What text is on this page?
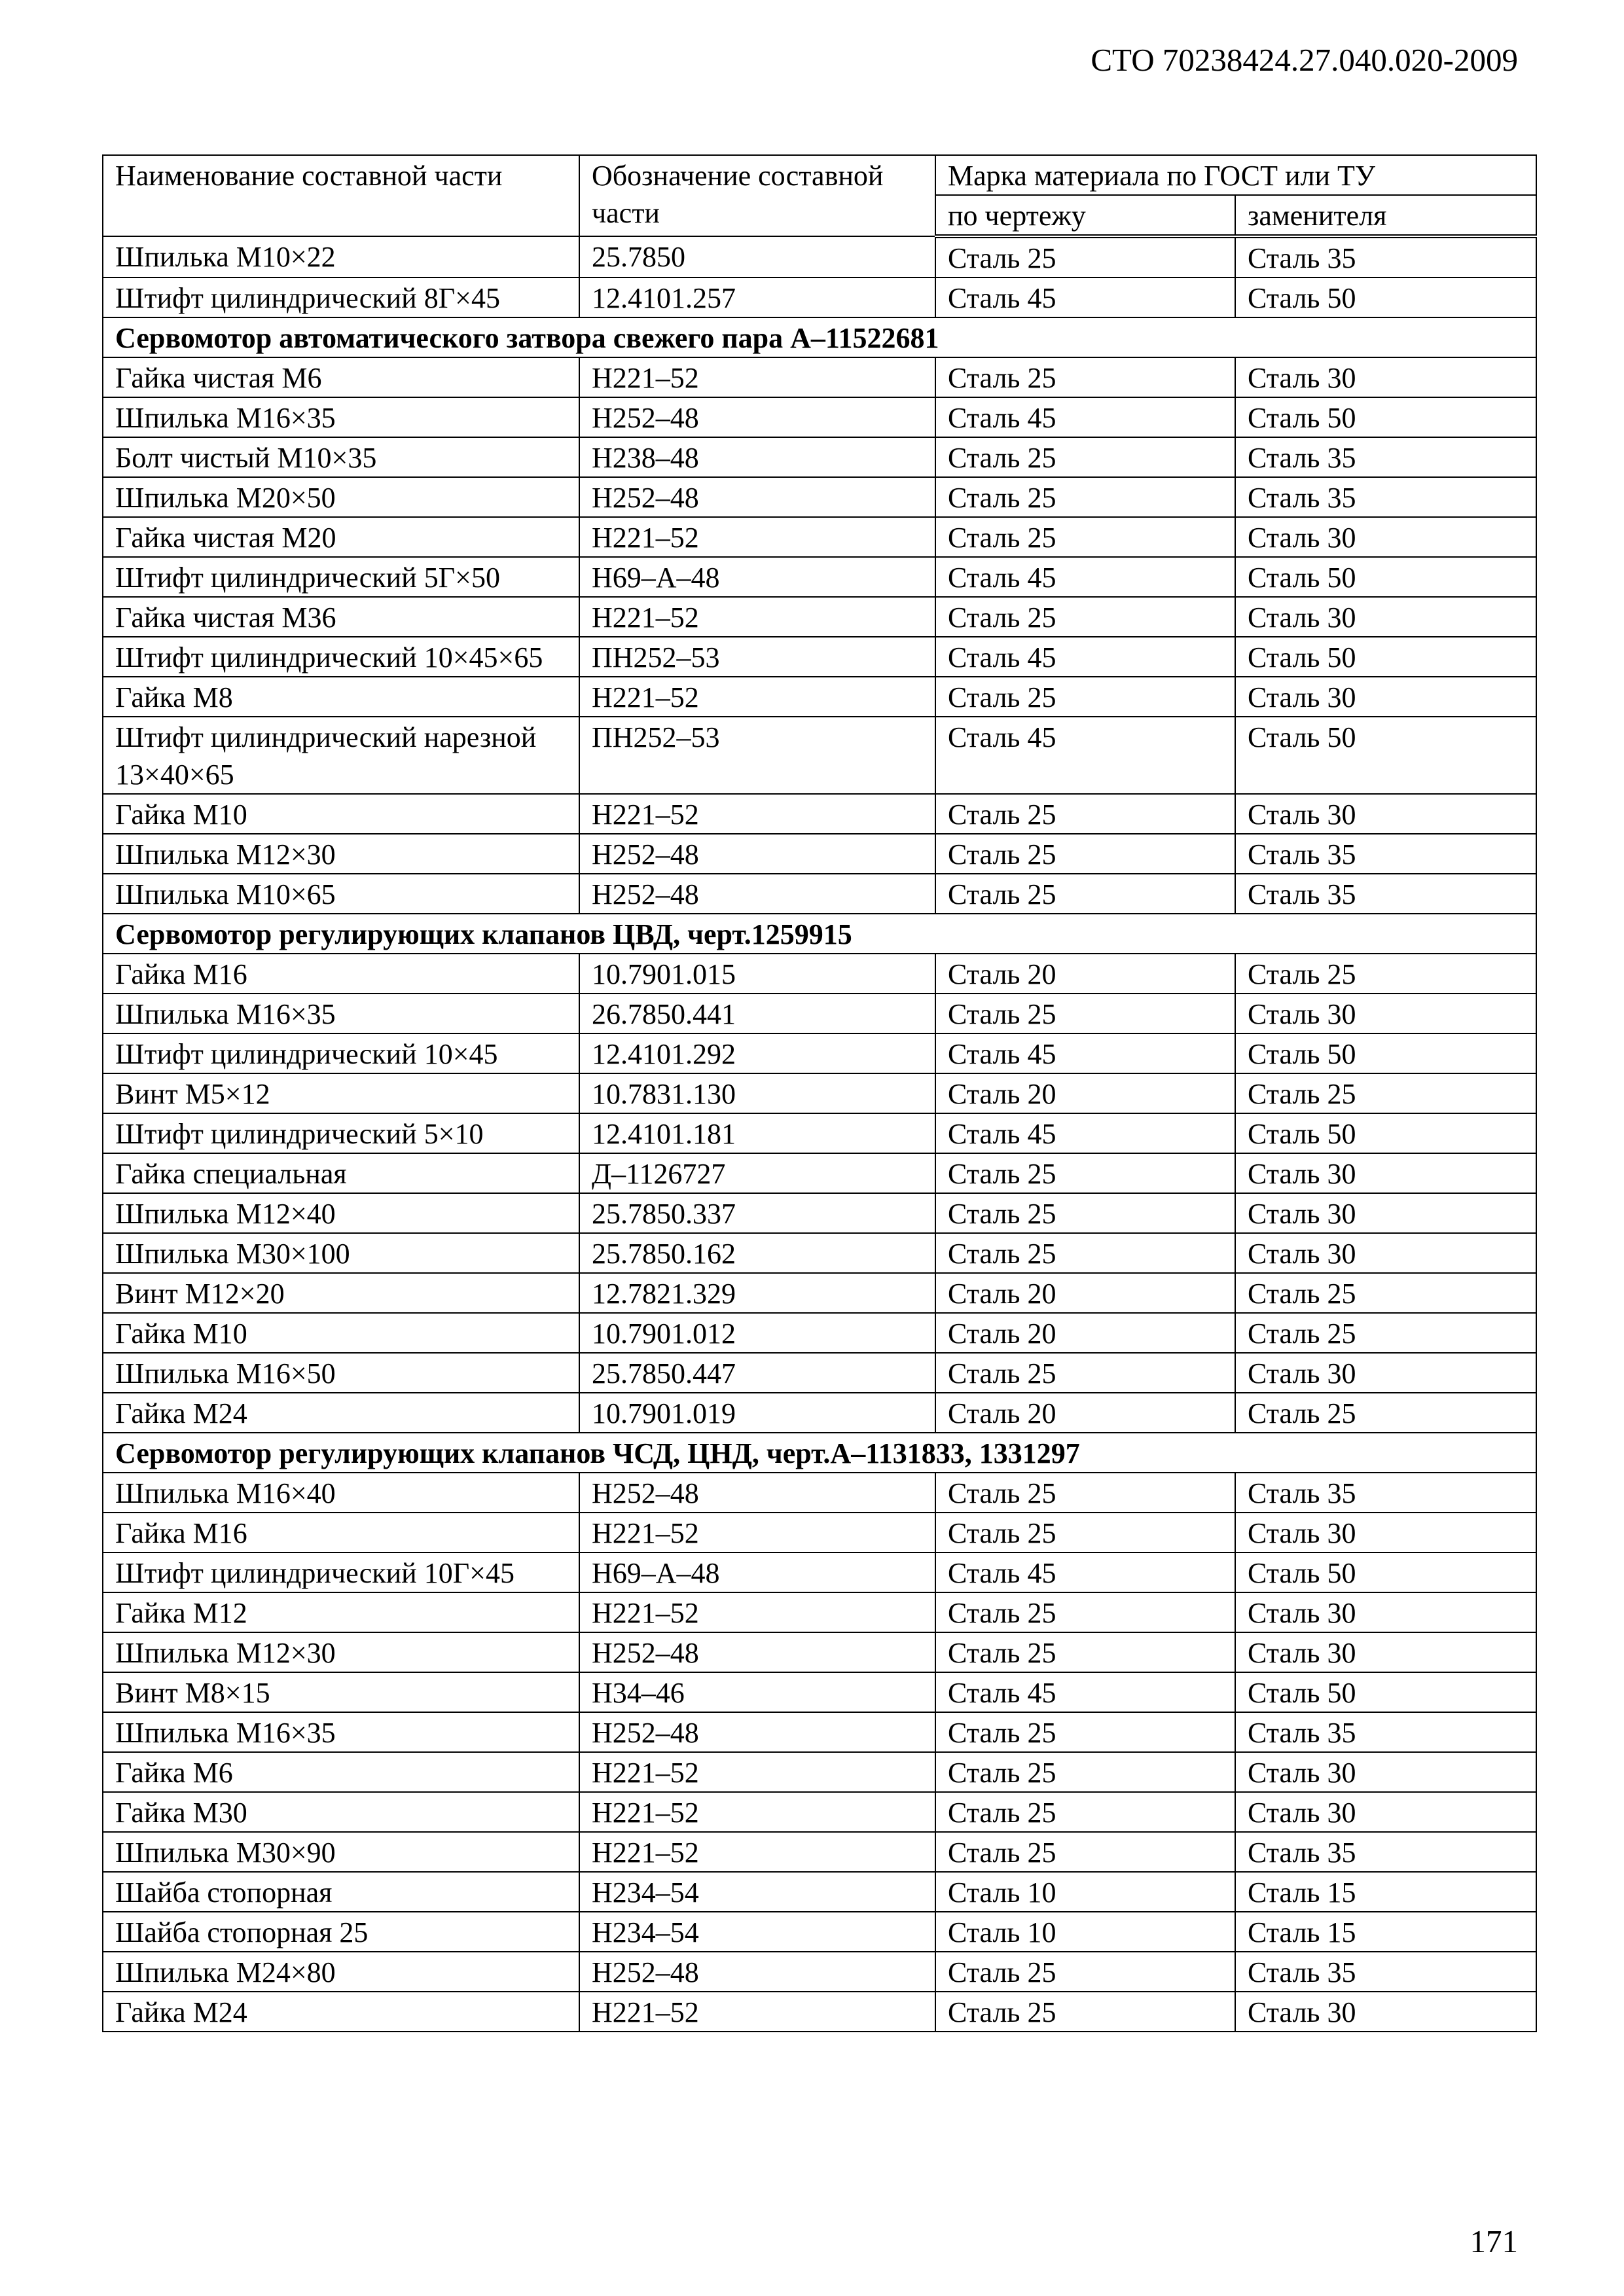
СТО 70238424.27.040.020-2009
Наименование составной части	Обозначение составной части	Марка материала по ГОСТ или ТУ	
		по чертежу	заменителя
Шпилька М10×22	25.7850	Сталь 25	Сталь 35
Штифт цилиндрический 8Г×45	12.4101.257	Сталь 45	Сталь 50
Сервомотор автоматического затвора свежего пара А–11522681			
Гайка чистая М6	Н221–52	Сталь 25	Сталь 30
Шпилька М16×35	Н252–48	Сталь 45	Сталь 50
Болт чистый М10×35	Н238–48	Сталь 25	Сталь 35
Шпилька М20×50	Н252–48	Сталь 25	Сталь 35
Гайка чистая М20	Н221–52	Сталь 25	Сталь 30
Штифт цилиндрический 5Г×50	Н69–А–48	Сталь 45	Сталь 50
Гайка чистая М36	Н221–52	Сталь 25	Сталь 30
Штифт цилиндрический 10×45×65	ПН252–53	Сталь 45	Сталь 50
Гайка М8	Н221–52	Сталь 25	Сталь 30
Штифт цилиндрический нарезной 13×40×65	ПН252–53	Сталь 45	Сталь 50
Гайка М10	Н221–52	Сталь 25	Сталь 30
Шпилька М12×30	Н252–48	Сталь 25	Сталь 35
Шпилька М10×65	Н252–48	Сталь 25	Сталь 35
Сервомотор регулирующих клапанов ЦВД, черт.1259915			
Гайка М16	10.7901.015	Сталь 20	Сталь 25
Шпилька М16×35	26.7850.441	Сталь 25	Сталь 30
Штифт цилиндрический 10×45	12.4101.292	Сталь 45	Сталь 50
Винт М5×12	10.7831.130	Сталь 20	Сталь 25
Штифт цилиндрический 5×10	12.4101.181	Сталь 45	Сталь 50
Гайка специальная	Д–1126727	Сталь 25	Сталь 30
Шпилька М12×40	25.7850.337	Сталь 25	Сталь 30
Шпилька М30×100	25.7850.162	Сталь 25	Сталь 30
Винт М12×20	12.7821.329	Сталь 20	Сталь 25
Гайка М10	10.7901.012	Сталь 20	Сталь 25
Шпилька М16×50	25.7850.447	Сталь 25	Сталь 30
Гайка М24	10.7901.019	Сталь 20	Сталь 25
Сервомотор регулирующих клапанов ЧСД, ЦНД, черт.А–1131833, 1331297			
Шпилька М16×40	Н252–48	Сталь 25	Сталь 35
Гайка М16	Н221–52	Сталь 25	Сталь 30
Штифт цилиндрический 10Г×45	Н69–А–48	Сталь 45	Сталь 50
Гайка М12	Н221–52	Сталь 25	Сталь 30
Шпилька М12×30	Н252–48	Сталь 25	Сталь 30
Винт М8×15	Н34–46	Сталь 45	Сталь 50
Шпилька М16×35	Н252–48	Сталь 25	Сталь 35
Гайка М6	Н221–52	Сталь 25	Сталь 30
Гайка М30	Н221–52	Сталь 25	Сталь 30
Шпилька М30×90	Н221–52	Сталь 25	Сталь 35
Шайба стопорная	Н234–54	Сталь 10	Сталь 15
Шайба стопорная 25	Н234–54	Сталь 10	Сталь 15
Шпилька М24×80	Н252–48	Сталь 25	Сталь 35
Гайка М24	Н221–52	Сталь 25	Сталь 30
171
